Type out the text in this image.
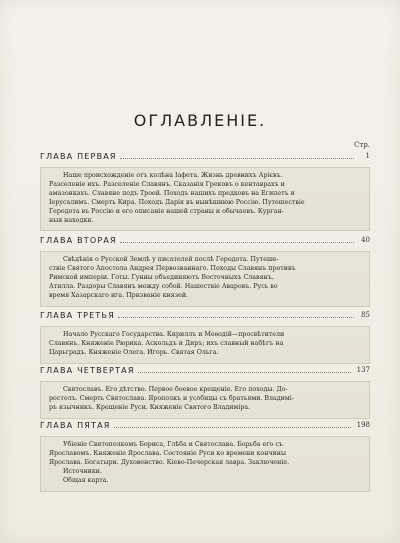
ОГЛАВЛЕНІЕ.
Стр.
ГЛАВА ПЕРВАЯ	1
Наше происхожденіе отъ колѣна Іафета. Жизнь древнихъ Арієвъ.
Разселеніе ихъ. Разселеніе Славянъ. Сказанія Грековъ о кентаврахъ и
амазонкахъ. Славяне подъ Троей. Походъ нашихъ предковъ на Египетъ и
Іерусалимъ. Смерть Кира. Походъ Дарія въ нынѣшнюю Россію. Путешествіе
Геродота въ Россію и его описаніе нашей страны и обычаевъ. Курган-
ныя находки.
ГЛАВА ВТОРАЯ	40
Свѣдѣнія о Русской Землѣ у писателей послѣ Геродота. Путеше-
ствіе Святого Апостола Андрея Первозваннаго. Походы Славянъ противъ
Римской имперіи. Готы. Гунны объединяютъ Восточныхъ Славянъ.
Атилла. Раздоры Славянъ между собой. Нашествіе Аваровъ. Русь во
время Хазарскаго ига. Призваніе князей.
ГЛАВА ТРЕТЬЯ	85
Начало Русскаго Государства. Кириллъ и Меѳодій—просвѣтители
Славянъ. Княженіе Рюрика. Аскольдъ и Диръ; ихъ славный набѣгъ на
Царьградъ. Княженіе Олега. Игорь. Святая Ольга.
ГЛАВА ЧЕТВЕРТАЯ	137
Святославъ. Его дѣтство. Первое боевое крещеніе. Его походы. До-
ростолъ. Смерть Святослава. Ярополкъ и усобицы съ братьями. Владимі-
ръ язычникъ. Крещеніе Руси. Княженіе Святого Владиміра.
ГЛАВА ПЯТАЯ	198
Убіеніе Святополкомъ Бориса, Глѣба и Святослава. Борьба его съ
Ярославомъ. Княженіе Ярослава. Состояніе Руси ко времени кончины
Ярослава. Богатыри. Духовенство. Кіево-Печерская лавра. Заключеніе.
Источники.
Общая карта.
